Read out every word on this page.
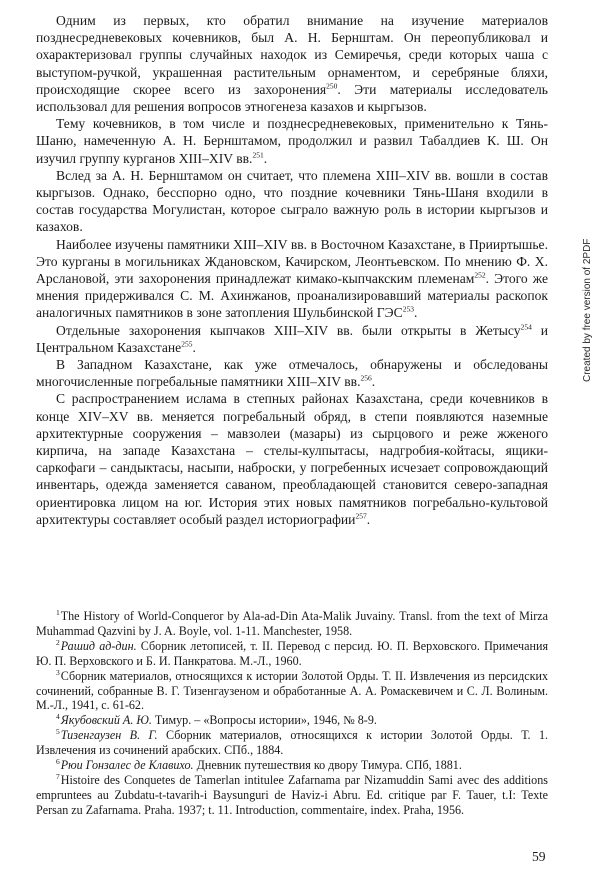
Одним из первых, кто обратил внимание на изучение материалов позднесредневековых кочевников, был А. Н. Бернштам. Он переопубликовал и охарактеризовал группы случайных находок из Семиречья, среди которых чаша с выступом-ручкой, украшенная растительным орнаментом, и серебряные бляхи, происходящие скорее всего из захоронения$^{250}$. Эти материалы исследователь использовал для решения вопросов этногенеза казахов и кыргызов.

Тему кочевников, в том числе и позднесредневековых, применительно к Тянь-Шаню, намеченную А. Н. Бернштамом, продолжил и развил Табалдиев К. Ш. Он изучил группу курганов XIII–XIV вв.$^{251}$.

Вслед за А. Н. Бернштамом он считает, что племена XIII–XIV вв. вошли в состав кыргызов. Однако, бесспорно одно, что поздние кочевники Тянь-Шаня входили в состав государства Могулистан, которое сыграло важную роль в истории кыргызов и казахов.

Наиболее изучены памятники XIII–XIV вв. в Восточном Казахстане, в Прииртышье. Это курганы в могильниках Ждановском, Качирском, Леонтьевском. По мнению Ф. Х. Арслановой, эти захоронения принадлежат кимако-кыпчакским племенам$^{252}$. Этого же мнения придерживался С. М. Ахинжанов, проанализировавший материалы раскопок аналогичных памятников в зоне затопления Шульбинской ГЭС$^{253}$.

Отдельные захоронения кыпчаков XIII–XIV вв. были открыты в Жетысу$^{254}$ и Центральном Казахстане$^{255}$.

В Западном Казахстане, как уже отмечалось, обнаружены и обследованы многочисленные погребальные памятники XIII–XIV вв.$^{256}$.

С распространением ислама в степных районах Казахстана, среди кочевников в конце XIV–XV вв. меняется погребальный обряд, в степи появляются наземные архитектурные сооружения – мавзолеи (мазары) из сырцового и реже жженого кирпича, на западе Казахстана – стелы-кулпытасы, надгробия-койтасы, ящики-саркофаги – сандыктасы, насыпи, наброски, у погребенных исчезает сопровождающий инвентарь, одежда заменяется саваном, преобладающей становится северо-западная ориентировка лицом на юг. История этих новых памятников погребально-культовой архитектуры составляет особый раздел историографии$^{257}$.

$^1$The History of World-Conqueror by Ala-ad-Din Ata-Malik Juvainy. Transl. from the text of Mirza Muhammad Qazvini by J. A. Boyle, vol. 1-11. Manchester, 1958.

$^2$Рашид ад-дин. Сборник летописей, т. II. Перевод с персид. Ю. П. Верховского. Примечания Ю. П. Верховского и Б. И. Панкратова. М.-Л., 1960.

$^3$Сборник материалов, относящихся к истории Золотой Орды. Т. II. Извлечения из персидских сочинений, собранные В. Г. Тизенгаузеном и обработанные А. А. Ромаскевичем и С. Л. Волиным. М.-Л., 1941, с. 61-62.

$^4$Якубовский А. Ю. Тимур. – «Вопросы истории», 1946, № 8-9.

$^5$Тизенгаузен В. Г. Сборник материалов, относящихся к истории Золотой Орды. Т. 1. Извлечения из сочинений арабских. СПб., 1884.

$^6$Рюи Гонзалес де Клавихо. Дневник путешествия ко двору Тимура. СПб, 1881.

$^7$Histoire des Conquetes de Tamerlan intitulee Zafarnama par Nizamuddin Sami avec des additions empruntees au Zubdatu-t-tavarih-i Baysunguri de Haviz-i Abru. Ed. critique par F. Tauer, t.I: Texte Persan zu Zafarnama. Praha. 1937; t. 11. Introduction, commentaire, index. Praha, 1956.

59
Created by free version of 2PDF
